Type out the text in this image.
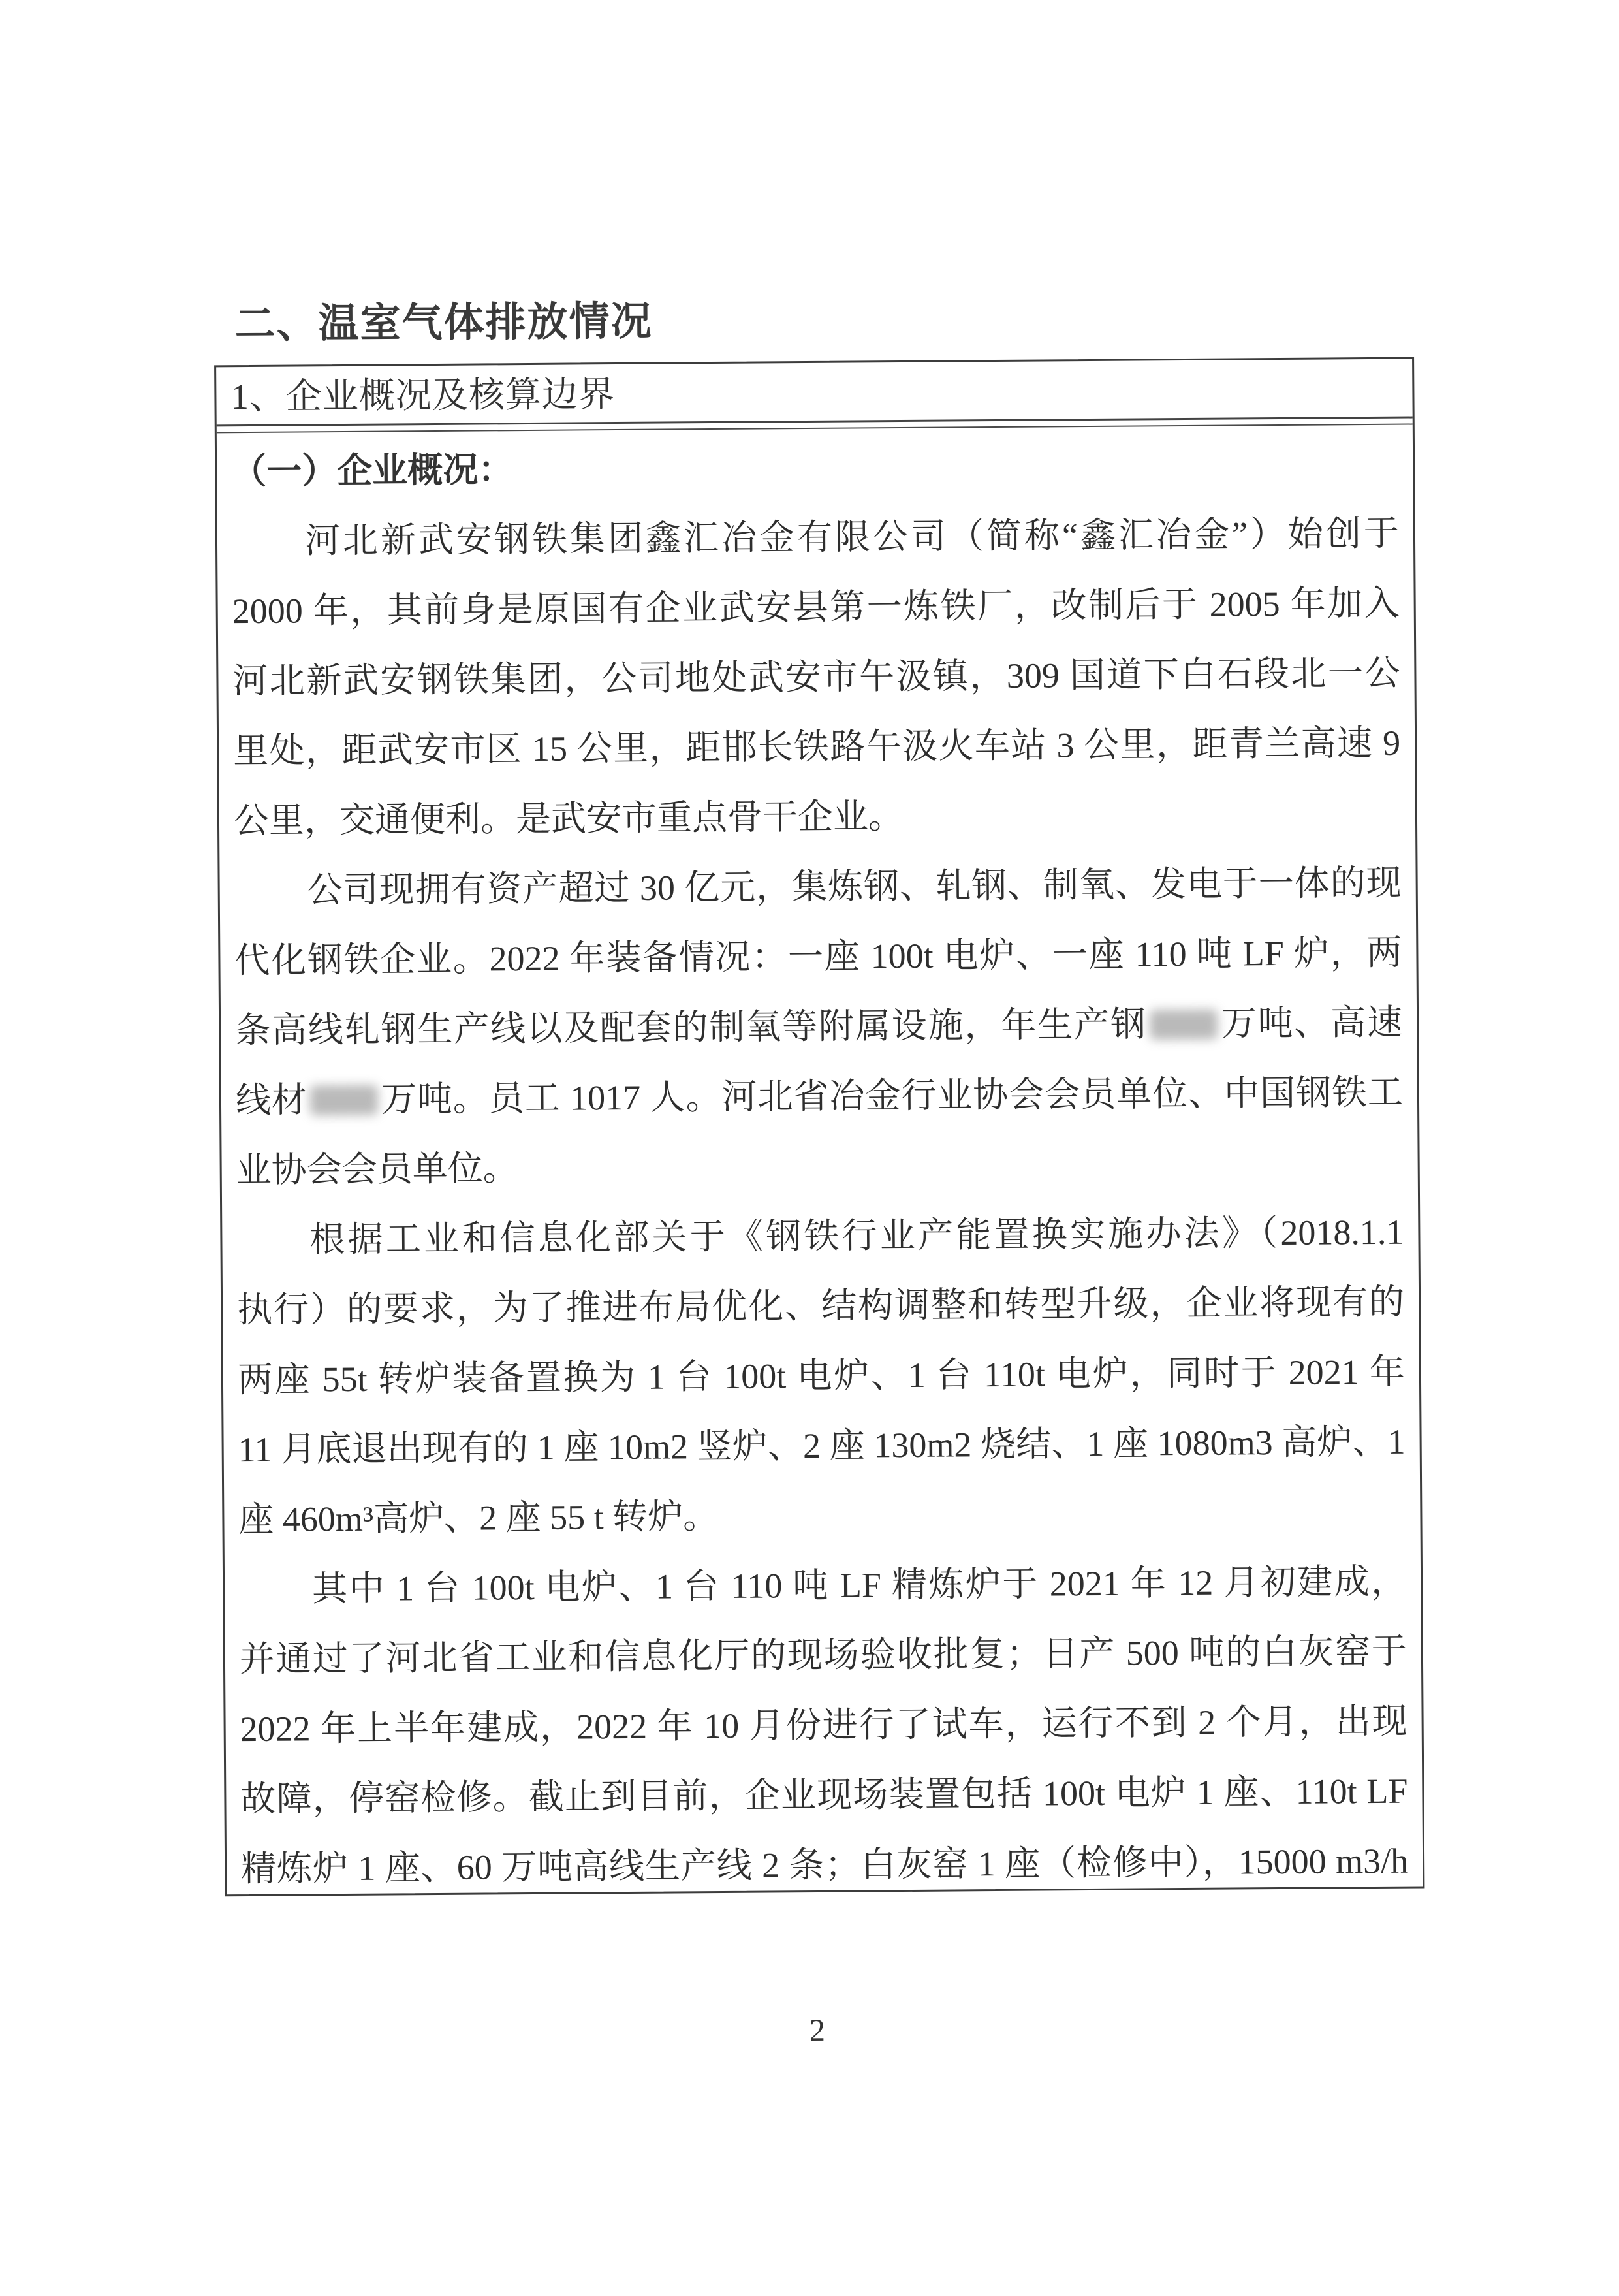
二、温室气体排放情况
1、企业概况及核算边界
（一）企业概况：
河北新武安钢铁集团鑫汇冶金有限公司（简称“鑫汇冶金”）始创于
2000 年，其前身是原国有企业武安县第一炼铁厂，改制后于 2005 年加入
河北新武安钢铁集团，公司地处武安市午汲镇，309 国道下白石段北一公
里处，距武安市区 15 公里，距邯长铁路午汲火车站 3 公里，距青兰高速 9
公里，交通便利。是武安市重点骨干企业。
公司现拥有资产超过 30 亿元，集炼钢、轧钢、制氧、发电于一体的现
代化钢铁企业。2022 年装备情况：一座 100t 电炉、一座 110 吨 LF 炉，两
条高线轧钢生产线以及配套的制氧等附属设施，年生产钢 万吨、高速
线材 万吨。员工 1017 人。河北省冶金行业协会会员单位、中国钢铁工
业协会会员单位。
根据工业和信息化部关于《钢铁行业产能置换实施办法》（2018.1.1
执行）的要求，为了推进布局优化、结构调整和转型升级，企业将现有的
两座 55t 转炉装备置换为 1 台 100t 电炉、1 台 110t 电炉，同时于 2021 年
11 月底退出现有的 1 座 10m2 竖炉、2 座 130m2 烧结、1 座 1080m3 高炉、1
座 460m³高炉、2 座 55 t 转炉。
其中 1 台 100t 电炉、1 台 110 吨 LF 精炼炉于 2021 年 12 月初建成，
并通过了河北省工业和信息化厅的现场验收批复；日产 500 吨的白灰窑于
2022 年上半年建成，2022 年 10 月份进行了试车，运行不到 2 个月，出现
故障，停窑检修。截止到目前，企业现场装置包括 100t 电炉 1 座、110t LF
精炼炉 1 座、60 万吨高线生产线 2 条；白灰窑 1 座（检修中），15000 m3/h
2
